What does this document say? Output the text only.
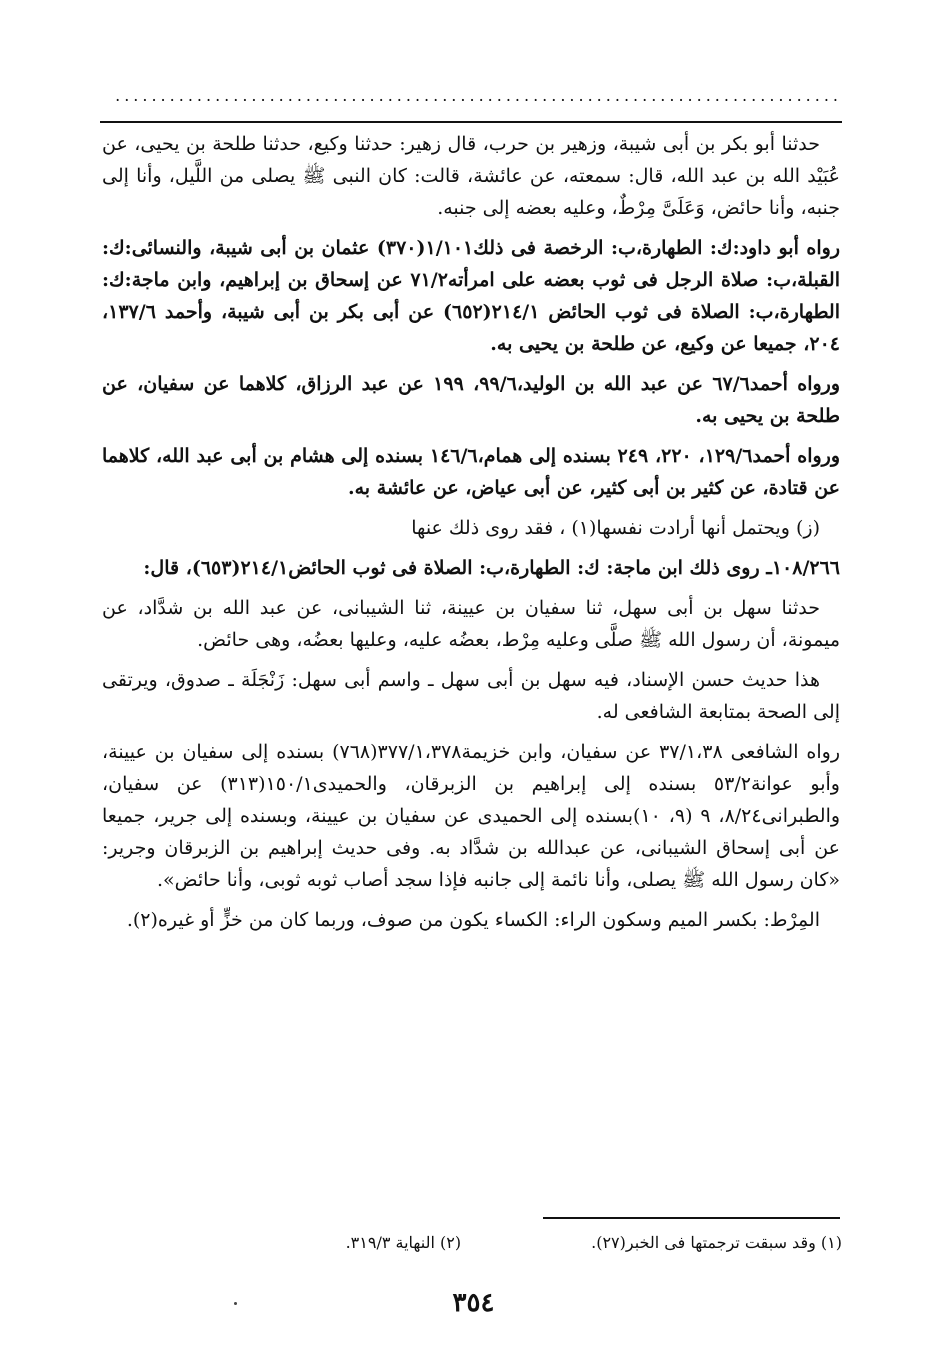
................................................................................

حدثنا أبو بكر بن أبى شيبة، وزهير بن حرب، قال زهير: حدثنا وكيع، حدثنا طلحة بن يحيى، عن عُبَيْد الله بن عبد الله، قال: سمعته، عن عائشة، قالت: كان النبى ﷺ يصلى من اللَّيل، وأنا إلى جنبه، وأنا حائض، وَعَلَىَّ مِرْطٌ، وعليه بعضه إلى جنبه.

رواه أبو داود:ك: الطهارة،ب: الرخصة فى ذلك١/١٠١(٣٧٠) عثمان بن أبى شيبة، والنسائى:ك: القبلة،ب: صلاة الرجل فى ثوب بعضه على امرأته٧١/٢ عن إسحاق بن إبراهيم، وابن ماجة:ك: الطهارة،ب: الصلاة فى ثوب الحائض ٢١٤/١(٦٥٢) عن أبى بكر بن أبى شيبة، وأحمد ١٣٧/٦، ٢٠٤، جميعا عن وكيع، عن طلحة بن يحيى به.

ورواه أحمد٦٧/٦ عن عبد الله بن الوليد،٩٩/٦، ١٩٩ عن عبد الرزاق، كلاهما عن سفيان، عن طلحة بن يحيى به.

ورواه أحمد١٢٩/٦، ٢٢٠، ٢٤٩ بسنده إلى همام،١٤٦/٦ بسنده إلى هشام بن أبى عبد الله، كلاهما عن قتادة، عن كثير بن أبى كثير، عن أبى عياض، عن عائشة به.

(ز) ويحتمل أنها أرادت نفسها(١) ، فقد روى ذلك عنها

١٠٨/٢٦٦ـ روى ذلك ابن ماجة: ك: الطهارة،ب: الصلاة فى ثوب الحائض٢١٤/١(٦٥٣)، قال:

حدثنا سهل بن أبى سهل، ثنا سفيان بن عيينة، ثنا الشيبانى، عن عبد الله بن شدَّاد، عن ميمونة، أن رسول الله ﷺ صلَّى وعليه مِرْط، بعضُه عليه، وعليها بعضُه، وهى حائض.

هذا حديث حسن الإسناد، فيه سهل بن أبى سهل ـ واسم أبى سهل: زَنْجَلَة ـ صدوق، ويرتقى إلى الصحة بمتابعة الشافعى له.

رواه الشافعى ٣٧/١،٣٨ عن سفيان، وابن خزيمة٣٧٧/١،٣٧٨(٧٦٨) بسنده إلى سفيان بن عيينة، وأبو عوانة٥٣/٢ بسنده إلى إبراهيم بن الزبرقان، والحميدى١٥٠/١(٣١٣) عن سفيان، والطبرانى٨/٢٤، ٩ (٩، ١٠)بسنده إلى الحميدى عن سفيان بن عيينة، وبسنده إلى جرير، جميعا عن أبى إسحاق الشيبانى، عن عبدالله بن شدَّاد به. وفى حديث إبراهيم بن الزبرقان وجرير: «كان رسول الله ﷺ يصلى، وأنا نائمة إلى جانبه فإذا سجد أصاب ثوبه ثوبى، وأنا حائض».

المِرْط: بكسر الميم وسكون الراء: الكساء يكون من صوف، وربما كان من خزٍّ أو غيره(٢).

(١) وقد سبقت ترجمتها فى الخبر(٢٧).
(٢) النهاية ٣١٩/٣.
٣٥٤
